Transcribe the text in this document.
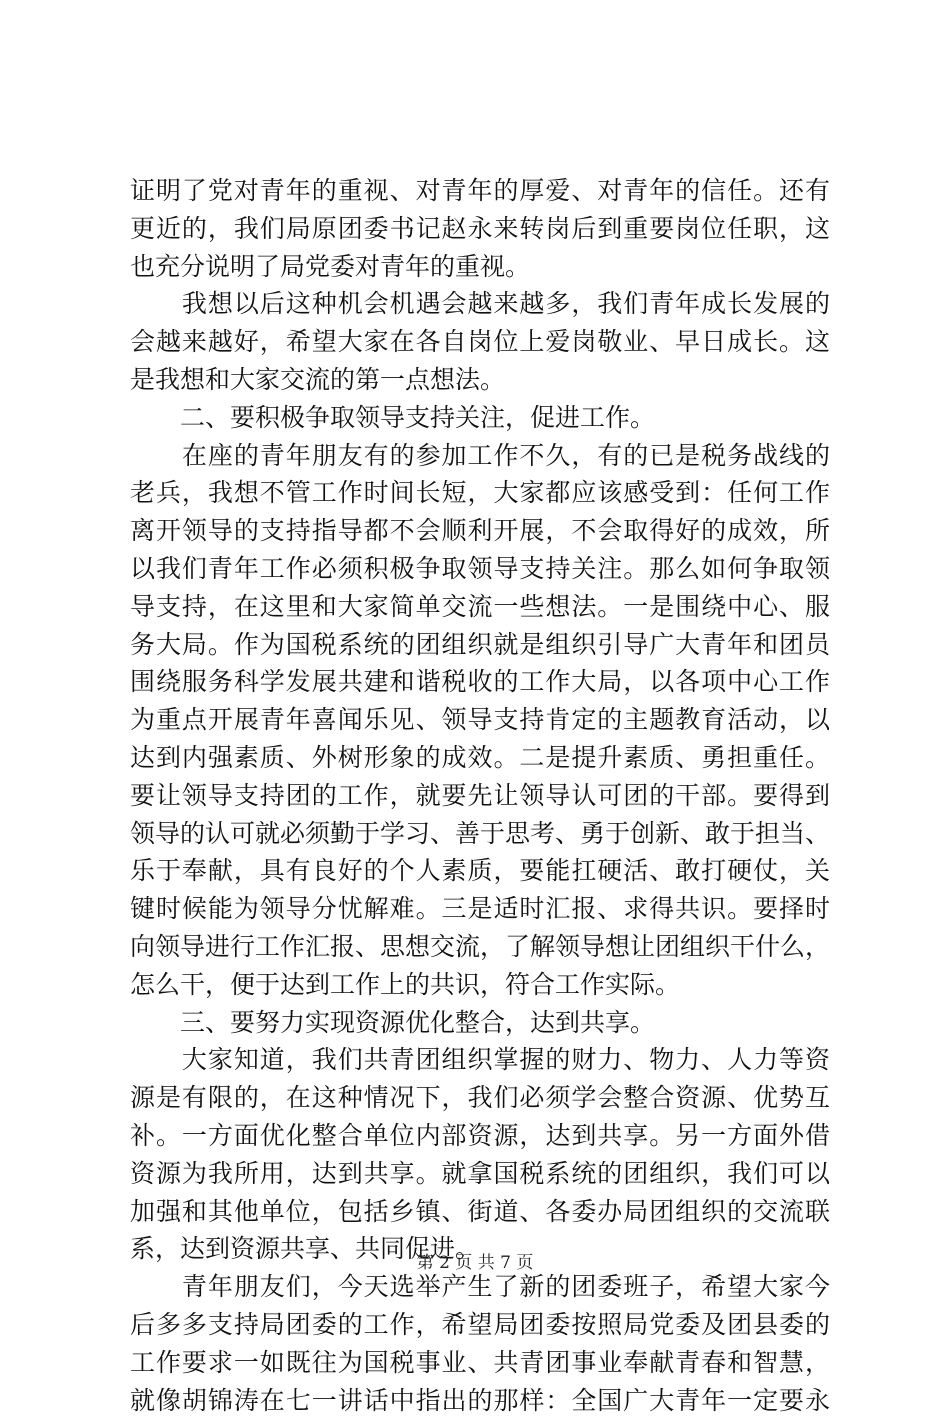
证明了党对青年的重视、对青年的厚爱、对青年的信任。还有
更近的，我们局原团委书记赵永来转岗后到重要岗位任职，这
也充分说明了局党委对青年的重视。
　　我想以后这种机会机遇会越来越多，我们青年成长发展的
会越来越好，希望大家在各自岗位上爱岗敬业、早日成长。这
是我想和大家交流的第一点想法。
　　二、要积极争取领导支持关注，促进工作。
　　在座的青年朋友有的参加工作不久，有的已是税务战线的
老兵，我想不管工作时间长短，大家都应该感受到：任何工作
离开领导的支持指导都不会顺利开展，不会取得好的成效，所
以我们青年工作必须积极争取领导支持关注。那么如何争取领
导支持，在这里和大家简单交流一些想法。一是围绕中心、服
务大局。作为国税系统的团组织就是组织引导广大青年和团员
围绕服务科学发展共建和谐税收的工作大局，以各项中心工作
为重点开展青年喜闻乐见、领导支持肯定的主题教育活动，以
达到内强素质、外树形象的成效。二是提升素质、勇担重任。
要让领导支持团的工作，就要先让领导认可团的干部。要得到
领导的认可就必须勤于学习、善于思考、勇于创新、敢于担当、
乐于奉献，具有良好的个人素质，要能扛硬活、敢打硬仗，关
键时候能为领导分忧解难。三是适时汇报、求得共识。要择时
向领导进行工作汇报、思想交流，了解领导想让团组织干什么，
怎么干，便于达到工作上的共识，符合工作实际。
　　三、要努力实现资源优化整合，达到共享。
　　大家知道，我们共青团组织掌握的财力、物力、人力等资
源是有限的，在这种情况下，我们必须学会整合资源、优势互
补。一方面优化整合单位内部资源，达到共享。另一方面外借
资源为我所用，达到共享。就拿国税系统的团组织，我们可以
加强和其他单位，包括乡镇、街道、各委办局团组织的交流联
系，达到资源共享、共同促进。
　　青年朋友们，今天选举产生了新的团委班子，希望大家今
后多多支持局团委的工作，希望局团委按照局党委及团县委的
工作要求一如既往为国税事业、共青团事业奉献青春和智慧，
就像胡锦涛在七一讲话中指出的那样：全国广大青年一定要永
第 2 页 共 7 页
